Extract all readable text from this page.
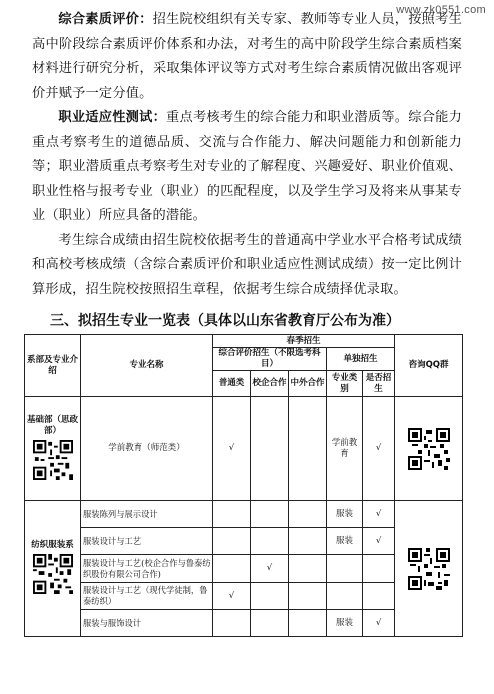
www.zk0551.com

综合素质评价：招生院校组织有关专家、教师等专业人员，按照考生高中阶段综合素质评价体系和办法，对考生的高中阶段学生综合素质档案材料进行研究分析，采取集体评议等方式对考生综合素质情况做出客观评价并赋予一定分值。

职业适应性测试：重点考核考生的综合能力和职业潜质等。综合能力重点考察考生的道德品质、交流与合作能力、解决问题能力和创新能力等；职业潜质重点考察考生对专业的了解程度、兴趣爱好、职业价值观、职业性格与报考专业（职业）的匹配程度，以及学生学习及将来从事某专业（职业）所应具备的潜能。

考生综合成绩由招生院校依据考生的普通高中学业水平合格考试成绩和高校考核成绩（含综合素质评价和职业适应性测试成绩）按一定比例计算形成，招生院校按照招生章程，依据考生综合成绩择优录取。

三、拟招生专业一览表（具体以山东省教育厅公布为准）
系部及专业介绍	专业名称	春季招生					咨询QQ群
		综合评价招生（不限选考科目）			单独招生		
		普通类	校企合作	中外合作	专业类别	是否招生	

基础部（思政部）	学前教育（师范类）	√			学前教育	√	

纺织服装系	服装陈列与展示设计				服装	√	

	服装设计与工艺				服装	√	
	服装设计与工艺(校企合作与鲁泰纺织股份有限公司合作)		√				
	服装设计与工艺（现代学徒制，鲁泰纺织）	√					
	服装与服饰设计				服装	√	
